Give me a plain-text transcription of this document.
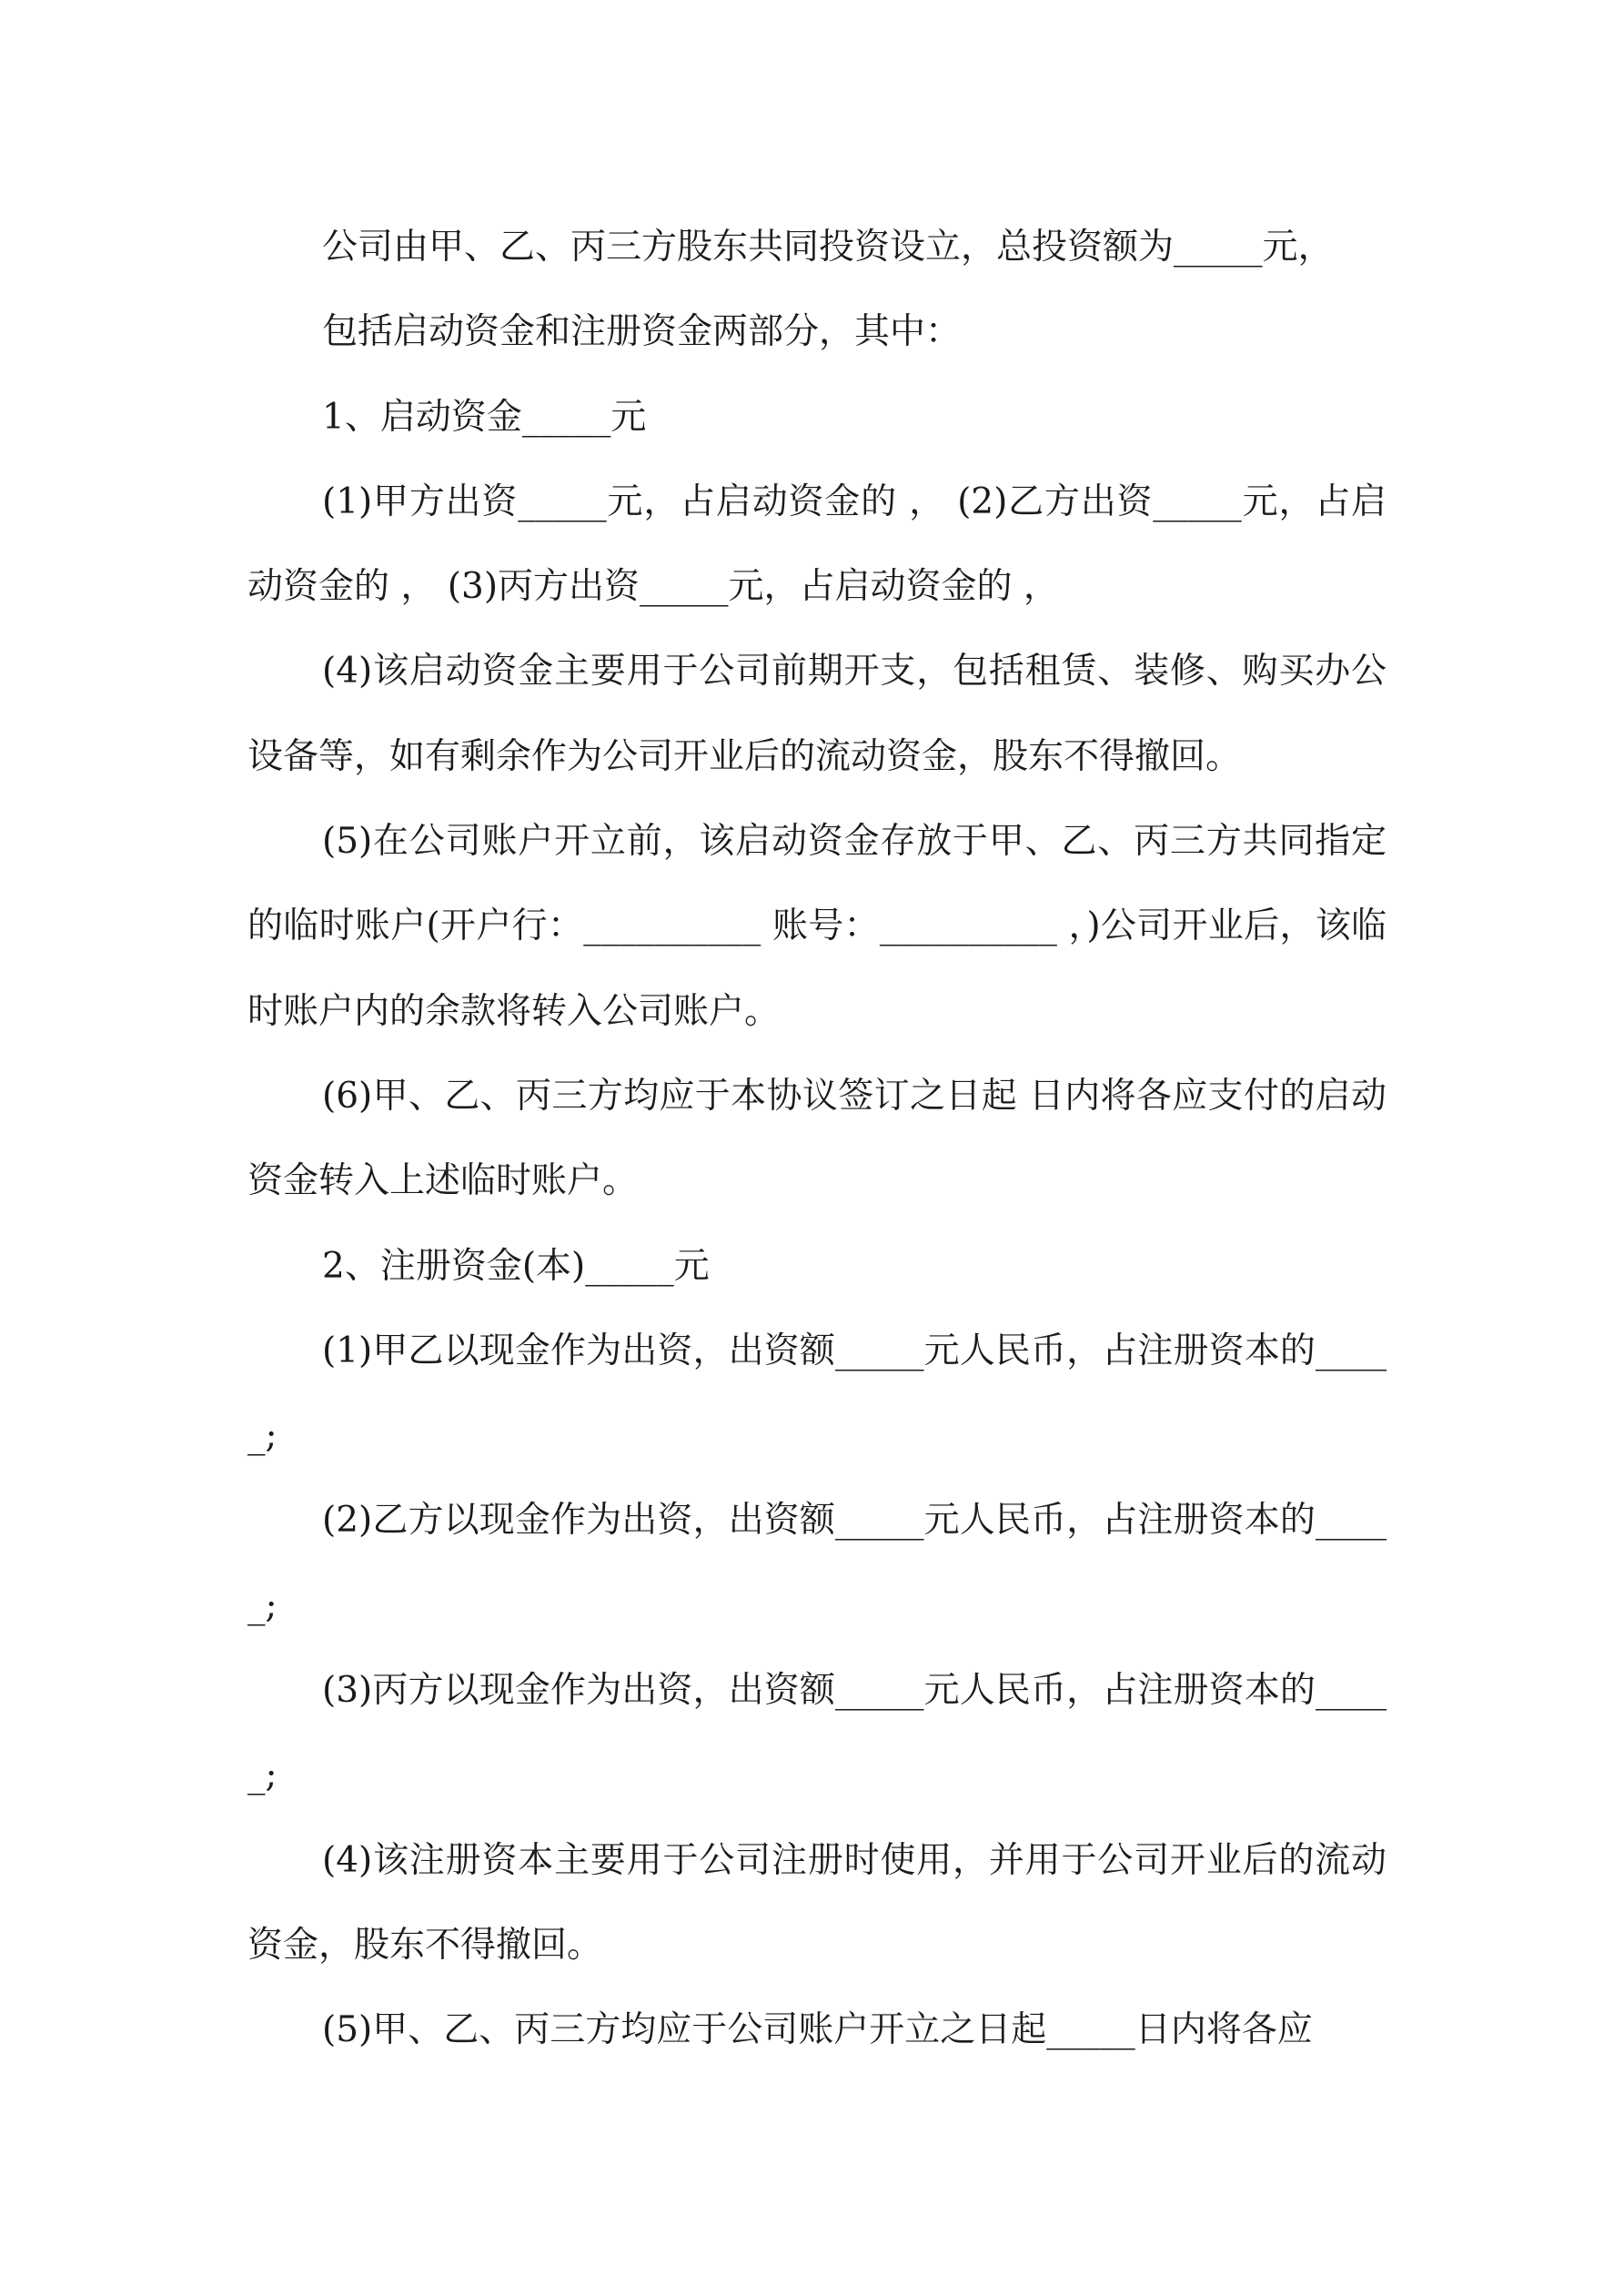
公司由甲、乙、丙三方股东共同投资设立，总投资额为_____元，

包括启动资金和注册资金两部分，其中：

1、启动资金_____元

(1)甲方出资_____元，占启动资金的 ， (2)乙方出资_____元，占启动资金的 ， (3)丙方出资_____元，占启动资金的 ，

(4)该启动资金主要用于公司前期开支，包括租赁、装修、购买办公设备等，如有剩余作为公司开业后的流动资金，股东不得撤回。

(5)在公司账户开立前，该启动资金存放于甲、乙、丙三方共同指定的临时账户(开户行：__________ 账号：__________ ，)公司开业后，该临时账户内的余款将转入公司账户。

(6)甲、乙、丙三方均应于本协议签订之日起 日内将各应支付的启动资金转入上述临时账户。

2、注册资金(本)_____元

(1)甲乙以现金作为出资，出资额_____元人民币，占注册资本的_____;

(2)乙方以现金作为出资，出资额_____元人民币，占注册资本的_____;

(3)丙方以现金作为出资，出资额_____元人民币，占注册资本的_____;

(4)该注册资本主要用于公司注册时使用，并用于公司开业后的流动资金，股东不得撤回。

(5)甲、乙、丙三方均应于公司账户开立之日起_____日内将各应
